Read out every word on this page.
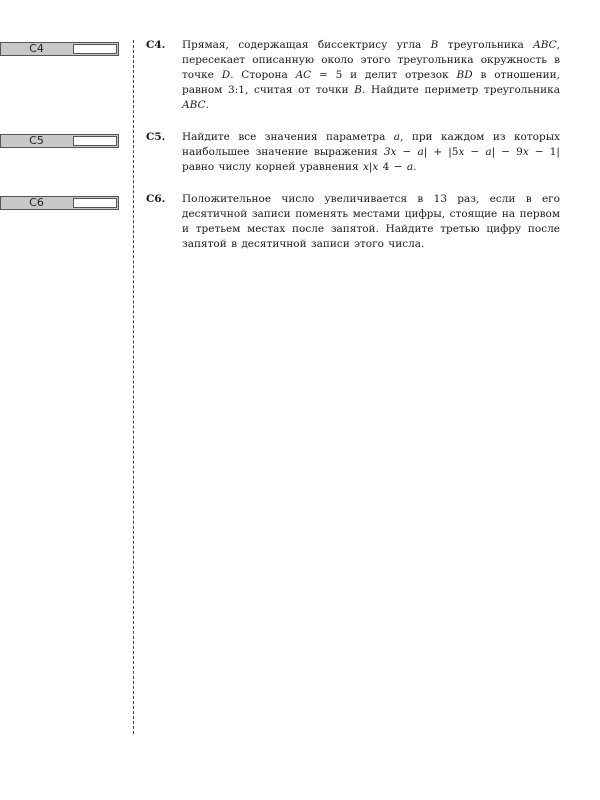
C4
C5
C6
C4. Прямая, содержащая биссектрису угла B треугольника ABC, пересекает описанную около этого треугольника окружность в точке D. Сторона AC = 5 и делит отрезок BD в отношении, равном 3:1, считая от точки B. Найдите периметр треугольника ABC.
C5. Найдите все значения параметра a, при каждом из которых наибольшее значение выражения 3x − a| + |5x − a| − 9x − 1| равно числу корней уравнения x|x 4 − a.
C6. Положительное число увеличивается в 13 раз, если в его десятичной записи поменять местами цифры, стоящие на первом и третьем местах после запятой. Найдите третью цифру после запятой в десятичной записи этого числа.
